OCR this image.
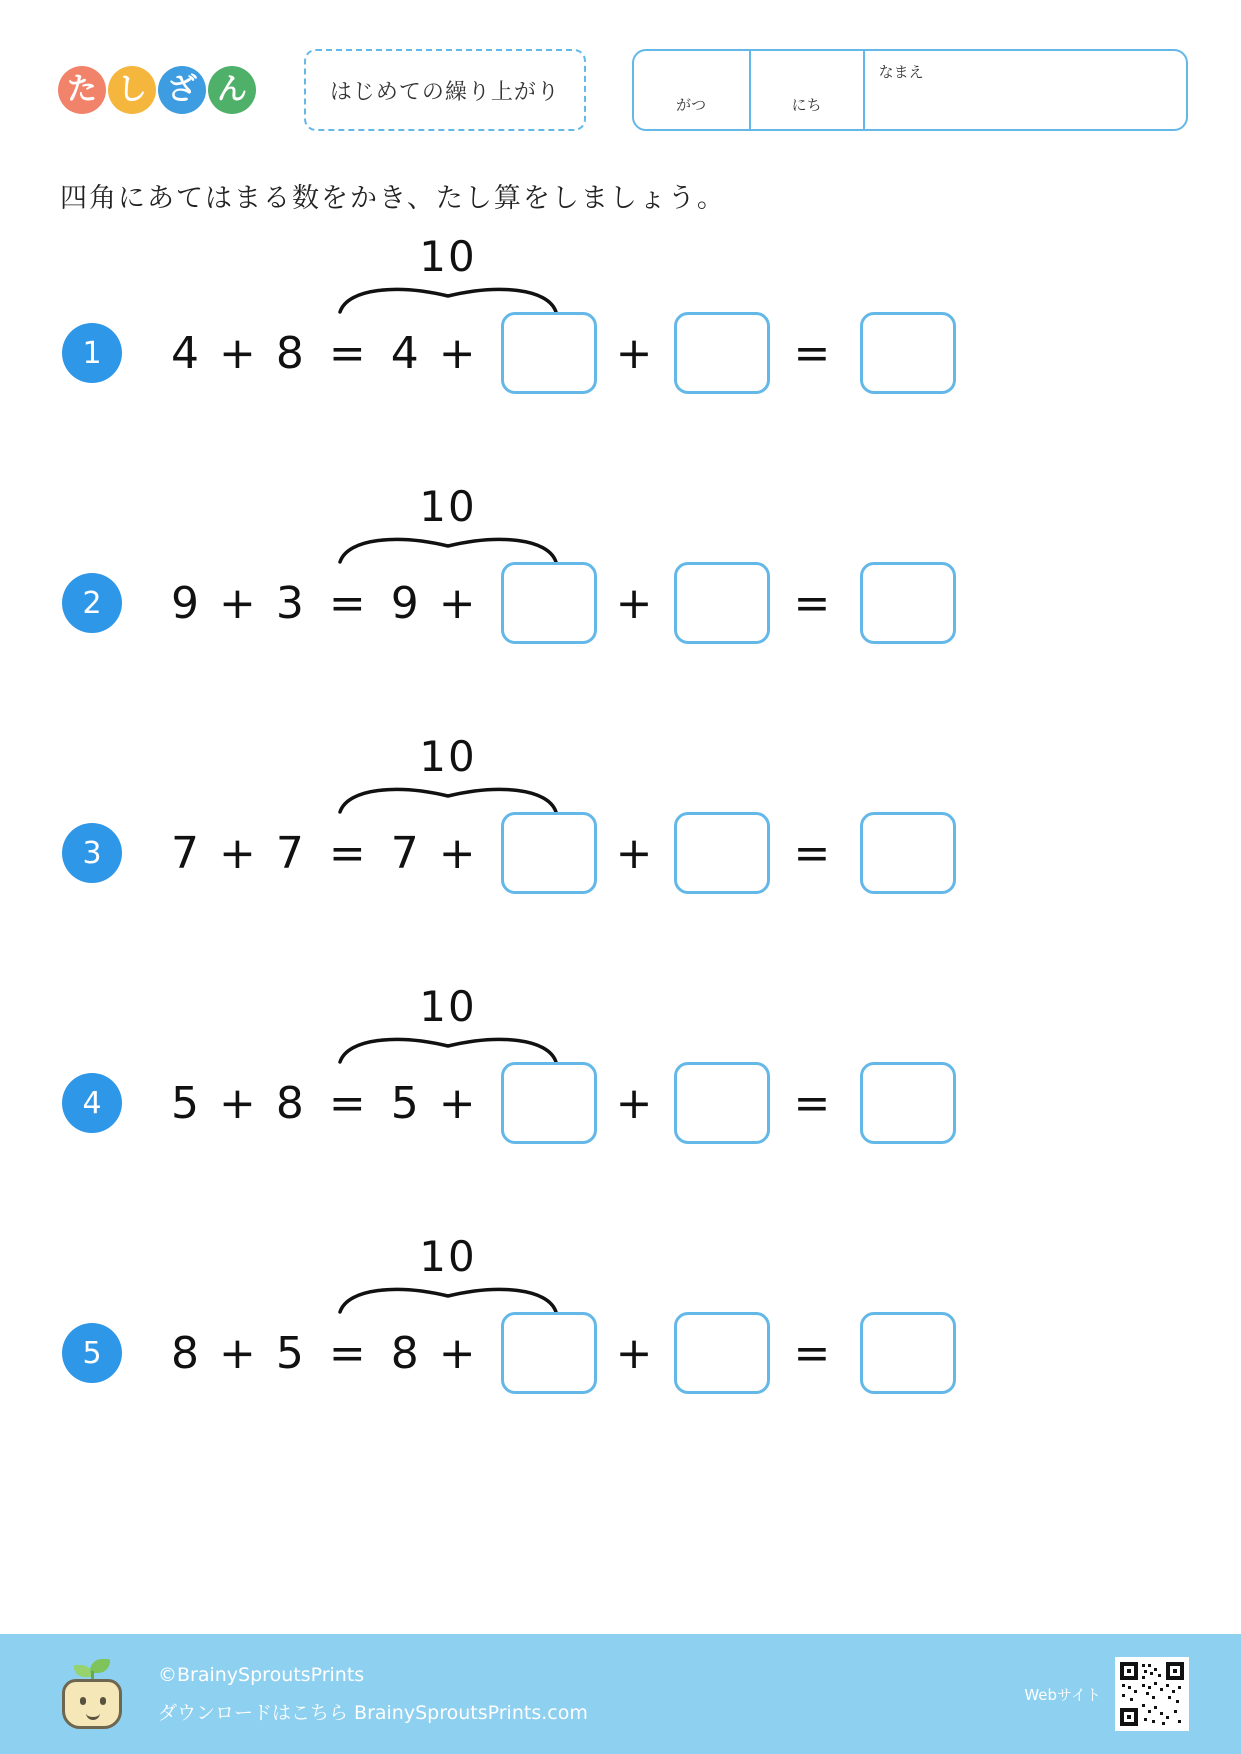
た し ざ ん	はじめての繰り上がり
がつ	にち
なまえ
四角にあてはまる数をかき、たし算をしましょう。
10
1	4 + 8 = 4 +	+	=
10
2	9 + 3 = 9 +	+	=
10
3	7 + 7 = 7 +	+	=
10
4	5 + 8 = 5 +	+	=
10
5	8 + 5 = 8 +	+	=
©BrainySproutsPrints
ダウンロードはこちら BrainySproutsPrints.com
Webサイト
